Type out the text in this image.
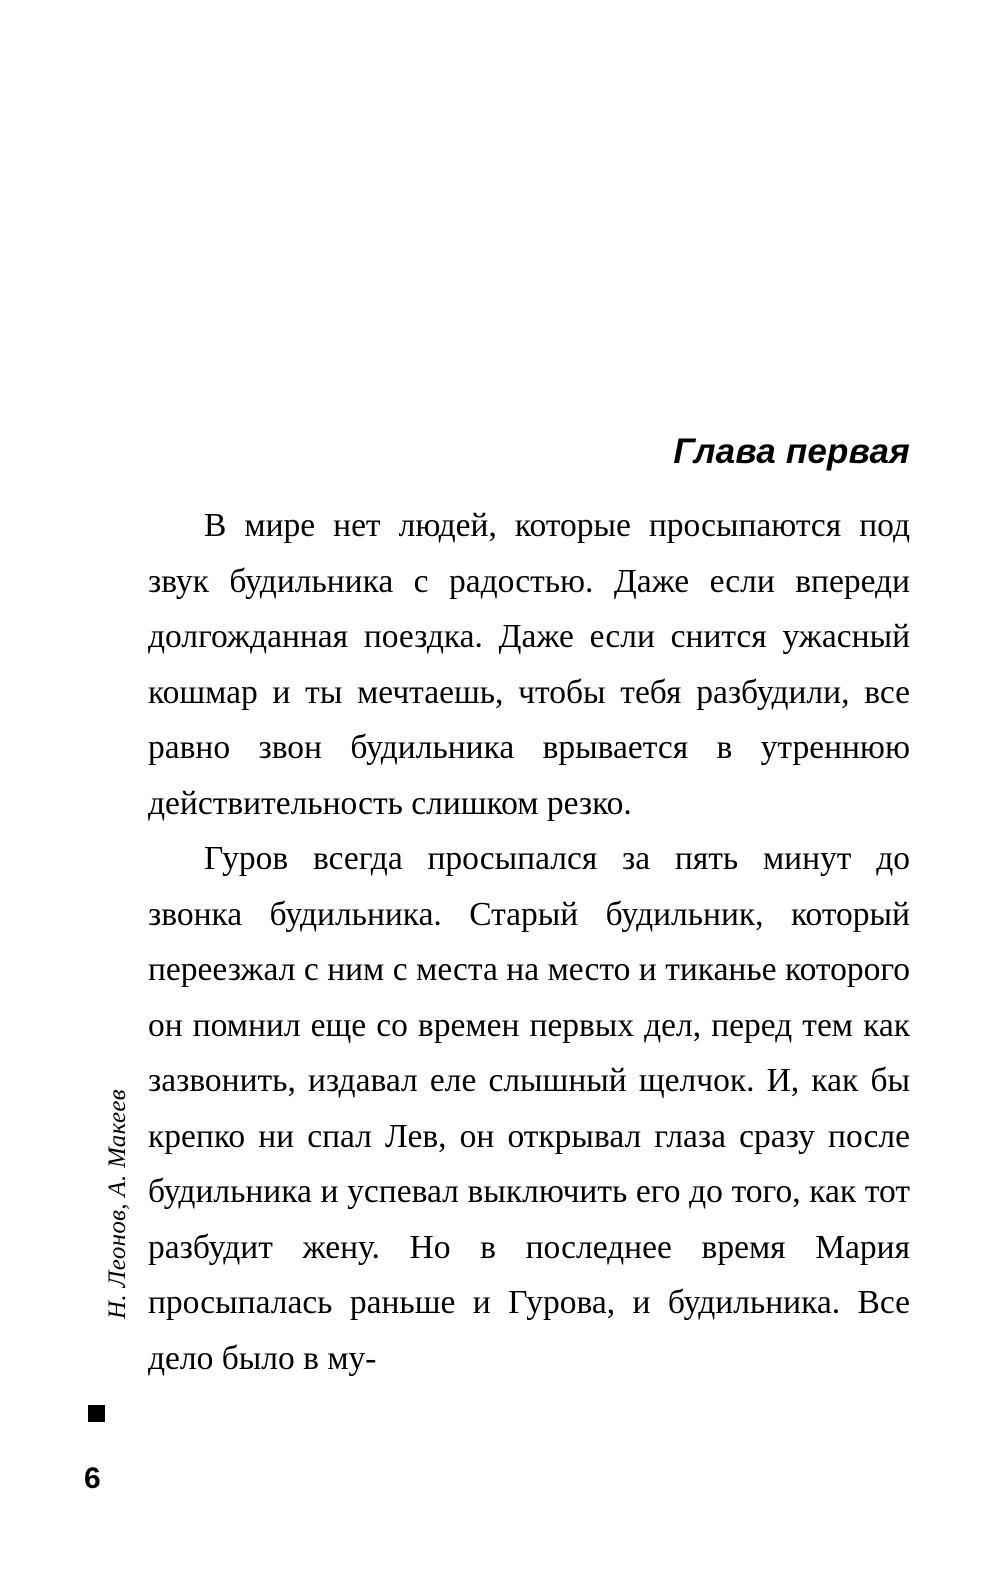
Н. Леонов, А. Макеев
6
Глава первая

В мире нет людей, которые просыпаются под звук будильника с радостью. Даже если впереди долгожданная поездка. Даже если снится ужасный кошмар и ты мечтаешь, чтобы тебя разбудили, все равно звон будильника врывается в утреннюю действительность слишком резко.

Гуров всегда просыпался за пять минут до звонка будильника. Старый будильник, который переезжал с ним с места на место и тиканье которого он помнил еще со времен первых дел, перед тем как зазвонить, издавал еле слышный щелчок. И, как бы крепко ни спал Лев, он открывал глаза сразу после будильника и успевал выключить его до того, как тот разбудит жену. Но в последнее время Мария просыпалась раньше и Гурова, и будильника. Все дело было в му-
